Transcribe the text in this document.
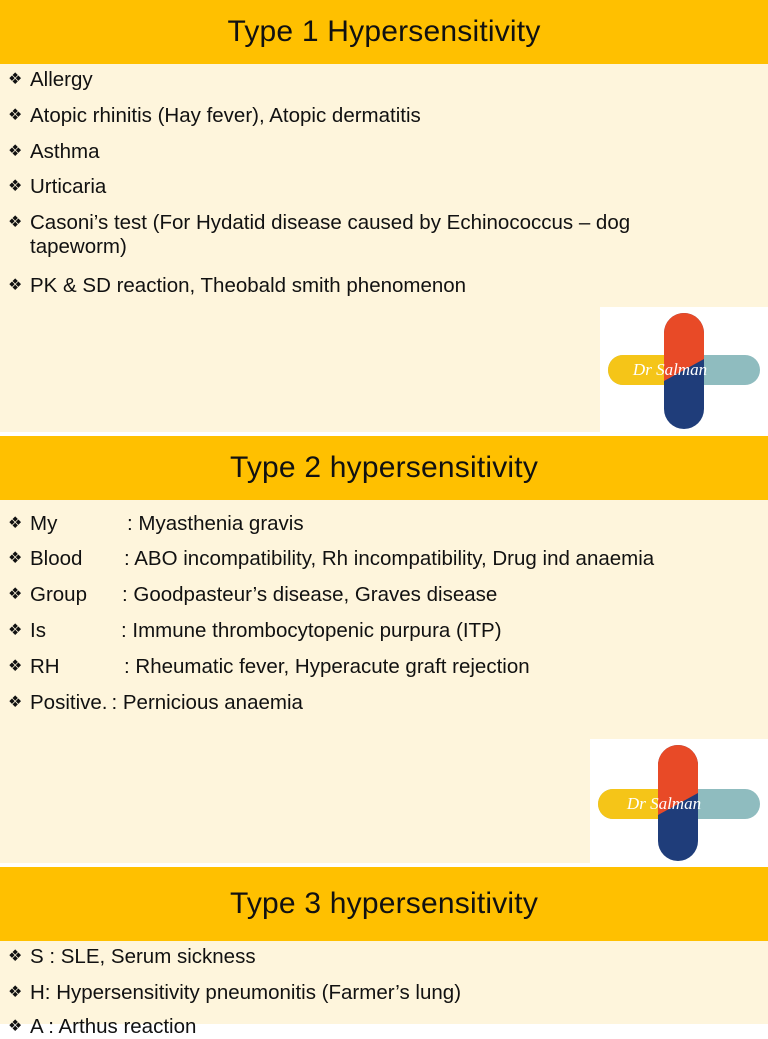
Type 1 Hypersensitivity
❖ Allergy
❖ Atopic rhinitis (Hay fever), Atopic dermatitis
❖ Asthma
❖ Urticaria
❖ Casoni’s test (For Hydatid disease caused by Echinococcus – dog tapeworm)
❖ PK & SD reaction, Theobald smith phenomenon
Dr Salman
Type 2 hypersensitivity
❖ My	: Myasthenia gravis
❖ Blood : ABO incompatibility, Rh incompatibility, Drug ind anaemia
❖ Group : Goodpasteur’s disease, Graves disease
❖ Is	: Immune thrombocytopenic purpura (ITP)
❖ RH	: Rheumatic fever, Hyperacute graft rejection
❖ Positive. : Pernicious anaemia
Dr Salman
Type 3 hypersensitivity
❖ S : SLE, Serum sickness
❖ H: Hypersensitivity pneumonitis (Farmer’s lung)
❖ A : Arthus reaction
